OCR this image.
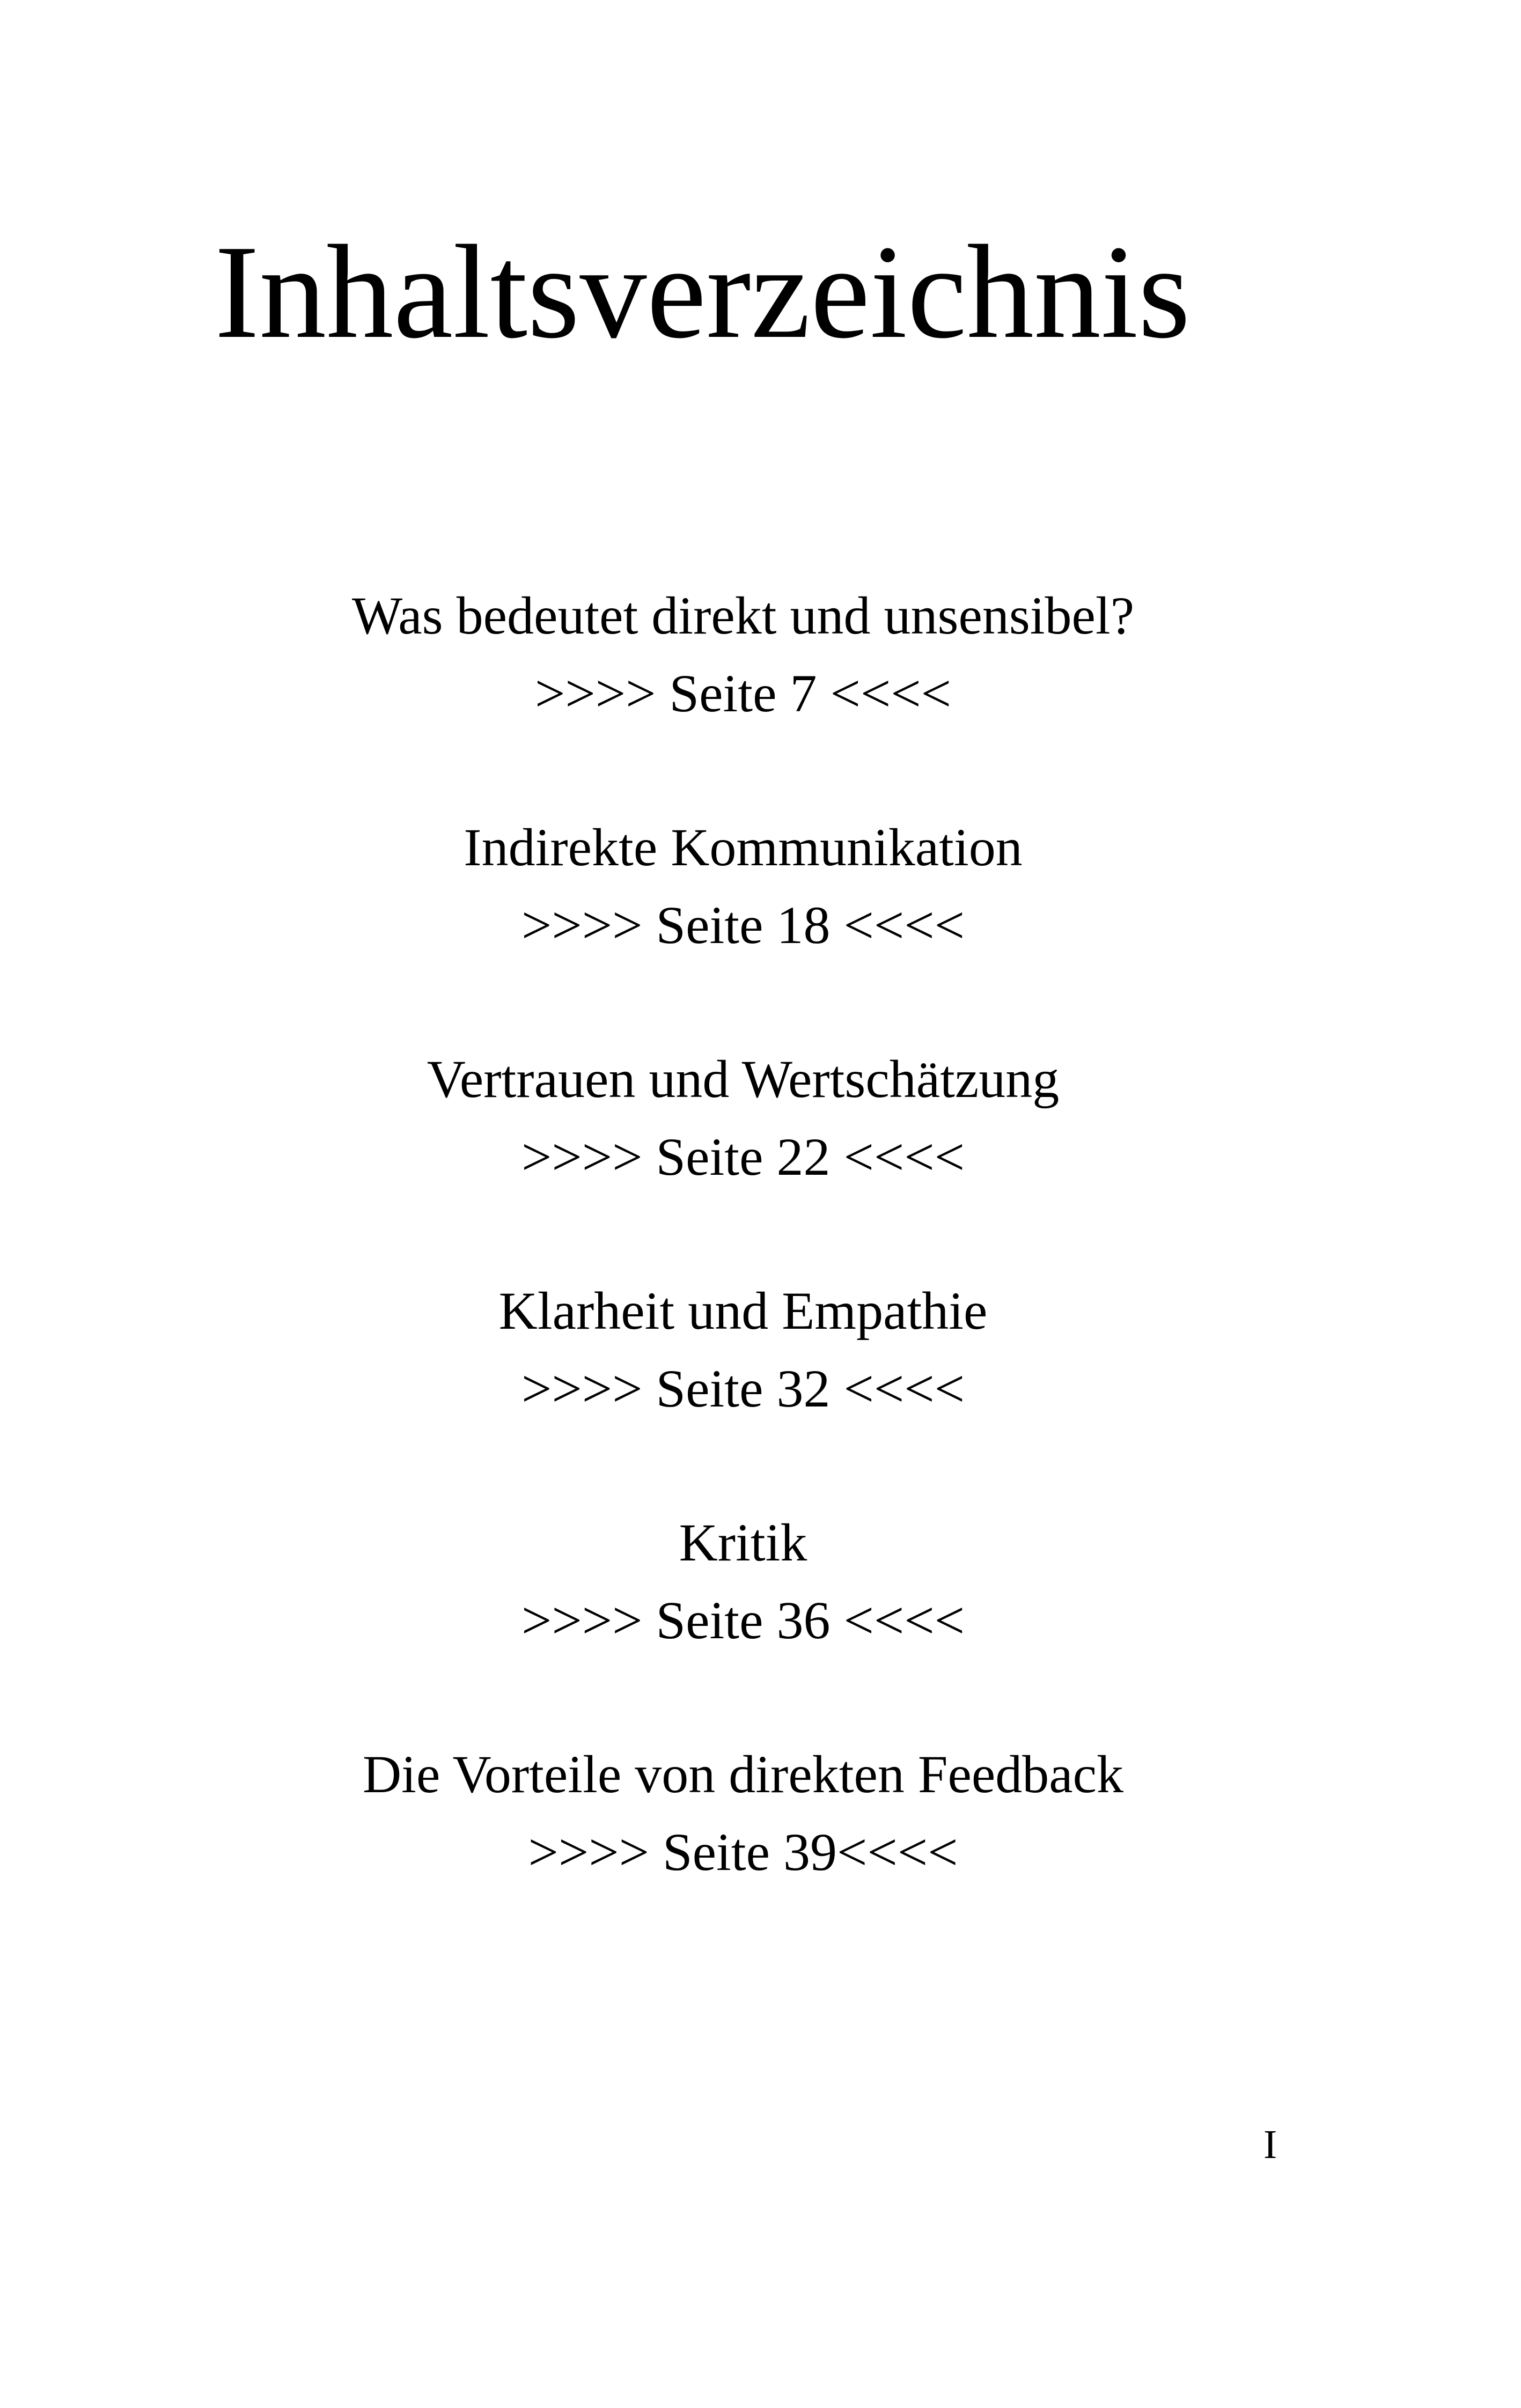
Inhaltsverzeichnis
Was bedeutet direkt und unsensibel?
>>>> Seite 7 <<<<
Indirekte Kommunikation
>>>> Seite 18 <<<<
Vertrauen und Wertschätzung
>>>> Seite 22 <<<<
Klarheit und Empathie
>>>> Seite 32 <<<<
Kritik
>>>> Seite 36 <<<<
Die Vorteile von direkten Feedback
>>>> Seite 39<<<<
I
